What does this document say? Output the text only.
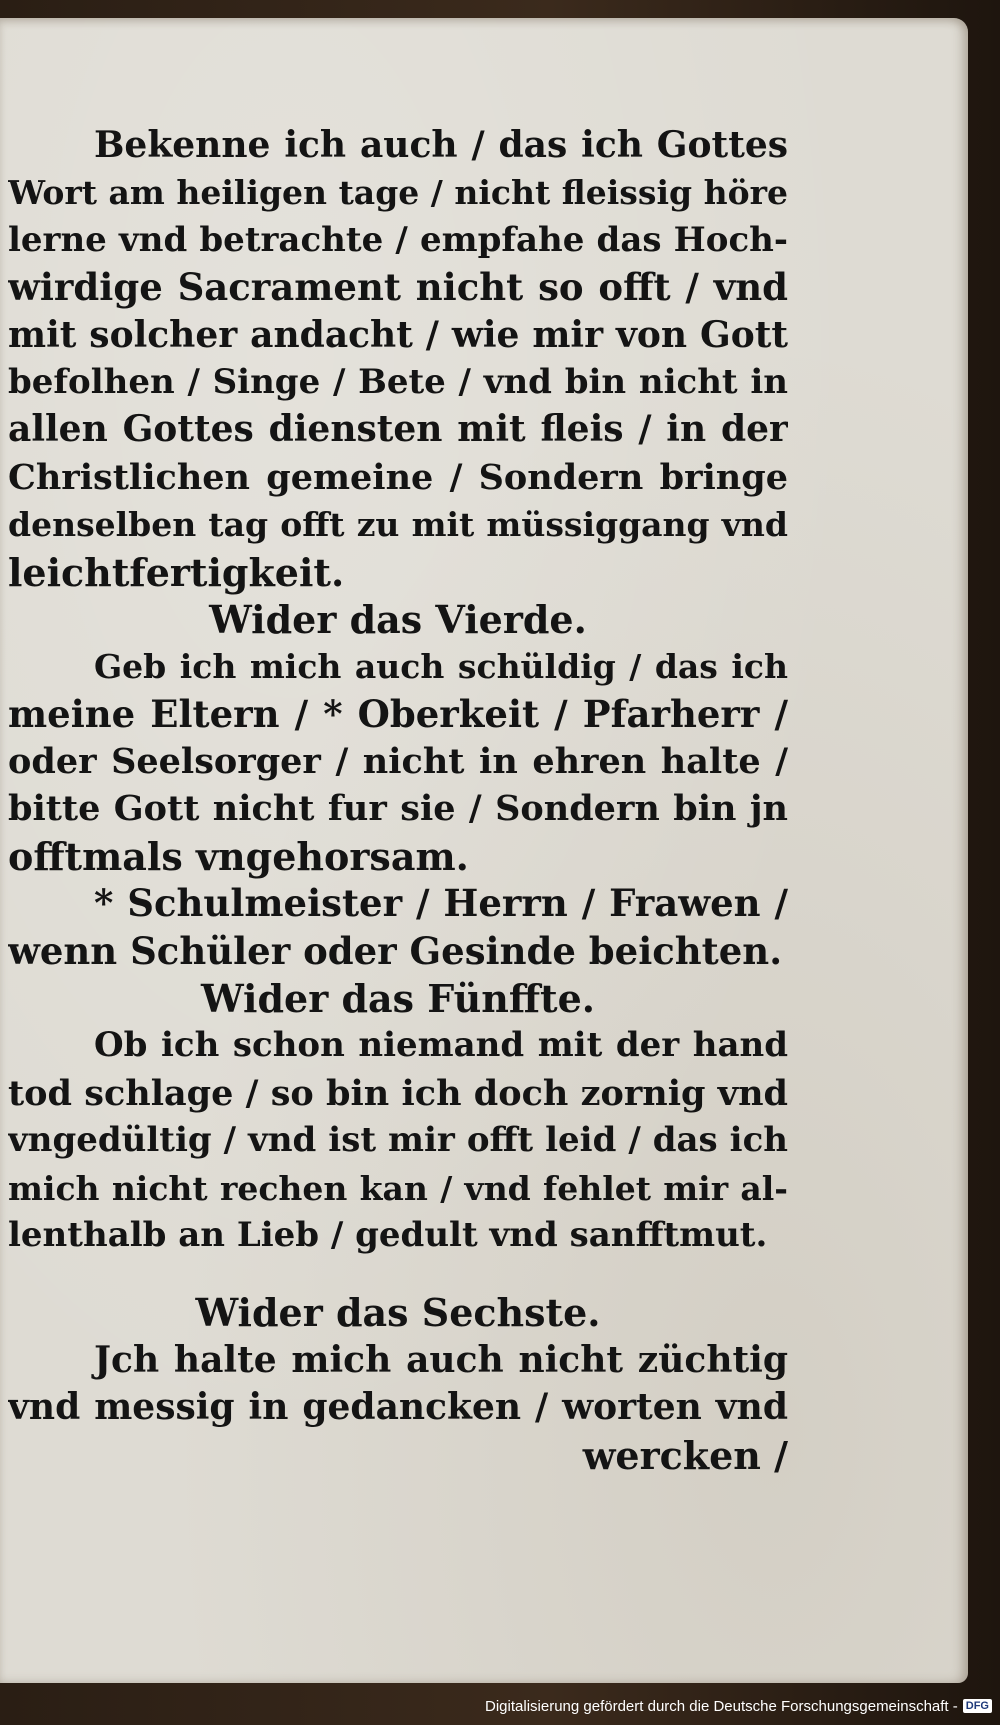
Bekenne ich auch / das ich Gottes
Wort am heiligen tage / nicht fleissig höre
lerne vnd betrachte / empfahe das Hoch-
wirdige Sacrament nicht so offt / vnd
mit solcher andacht / wie mir von Gott
befolhen / Singe / Bete / vnd bin nicht in
allen Gottes diensten mit fleis / in der
Christlichen gemeine / Sondern bringe
denselben tag offt zu mit müssiggang vnd
leichtfertigkeit.
Wider das Vierde.
Geb ich mich auch schüldig / das ich
meine Eltern / * Oberkeit / Pfarherr /
oder Seelsorger / nicht in ehren halte /
bitte Gott nicht fur sie / Sondern bin jn
offtmals vngehorsam.
* Schulmeister / Herrn / Frawen /
wenn Schüler oder Gesinde beichten.
Wider das Fünffte.
Ob ich schon niemand mit der hand
tod schlage / so bin ich doch zornig vnd
vngedültig / vnd ist mir offt leid / das ich
mich nicht rechen kan / vnd fehlet mir al-
lenthalb an Lieb / gedult vnd sanfftmut.
Wider das Sechste.
Jch halte mich auch nicht züchtig
vnd messig in gedancken / worten vnd
wercken /
Digitalisierung gefördert durch die Deutsche Forschungsgemeinschaft - DFG
